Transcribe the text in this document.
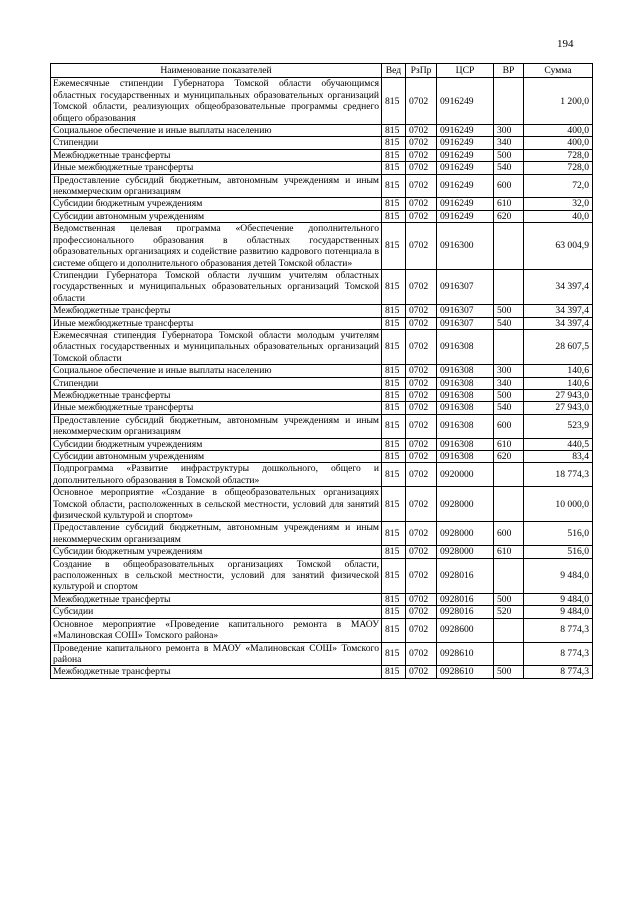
194
Наименование показателей	Вед	РзПр	ЦСР	ВР	Сумма
Ежемесячные стипендии Губернатора Томской области обучающимся областных государственных и муниципальных образовательных организаций Томской области, реализующих общеобразовательные программы среднего общего образования	815	0702	0916249		1 200,0
Социальное обеспечение и иные выплаты населению	815	0702	0916249	300	400,0
Стипендии	815	0702	0916249	340	400,0
Межбюджетные трансферты	815	0702	0916249	500	728,0
Иные межбюджетные трансферты	815	0702	0916249	540	728,0
Предоставление субсидий бюджетным, автономным учреждениям и иным некоммерческим организациям	815	0702	0916249	600	72,0
Субсидии бюджетным учреждениям	815	0702	0916249	610	32,0
Субсидии автономным учреждениям	815	0702	0916249	620	40,0
Ведомственная целевая программа «Обеспечение дополнительного профессионального образования в областных государственных образовательных организациях и содействие развитию кадрового потенциала в системе общего и дополнительного образования детей Томской области»	815	0702	0916300		63 004,9
Стипендии Губернатора Томской области лучшим учителям областных государственных и муниципальных образовательных организаций Томской области	815	0702	0916307		34 397,4
Межбюджетные трансферты	815	0702	0916307	500	34 397,4
Иные межбюджетные трансферты	815	0702	0916307	540	34 397,4
Ежемесячная стипендия Губернатора Томской области молодым учителям областных государственных и муниципальных образовательных организаций Томской области	815	0702	0916308		28 607,5
Социальное обеспечение и иные выплаты населению	815	0702	0916308	300	140,6
Стипендии	815	0702	0916308	340	140,6
Межбюджетные трансферты	815	0702	0916308	500	27 943,0
Иные межбюджетные трансферты	815	0702	0916308	540	27 943,0
Предоставление субсидий бюджетным, автономным учреждениям и иным некоммерческим организациям	815	0702	0916308	600	523,9
Субсидии бюджетным учреждениям	815	0702	0916308	610	440,5
Субсидии автономным учреждениям	815	0702	0916308	620	83,4
Подпрограмма «Развитие инфраструктуры дошкольного, общего и дополнительного образования в Томской области»	815	0702	0920000		18 774,3
Основное мероприятие «Создание в общеобразовательных организациях Томской области, расположенных в сельской местности, условий для занятий физической культурой и спортом»	815	0702	0928000		10 000,0
Предоставление субсидий бюджетным, автономным учреждениям и иным некоммерческим организациям	815	0702	0928000	600	516,0
Субсидии бюджетным учреждениям	815	0702	0928000	610	516,0
Создание в общеобразовательных организациях Томской области, расположенных в сельской местности, условий для занятий физической культурой и спортом	815	0702	0928016		9 484,0
Межбюджетные трансферты	815	0702	0928016	500	9 484,0
Субсидии	815	0702	0928016	520	9 484,0
Основное мероприятие «Проведение капитального ремонта в МАОУ «Малиновская СОШ» Томского района»	815	0702	0928600		8 774,3
Проведение капитального ремонта в МАОУ «Малиновская СОШ» Томского района	815	0702	0928610		8 774,3
Межбюджетные трансферты	815	0702	0928610	500	8 774,3
